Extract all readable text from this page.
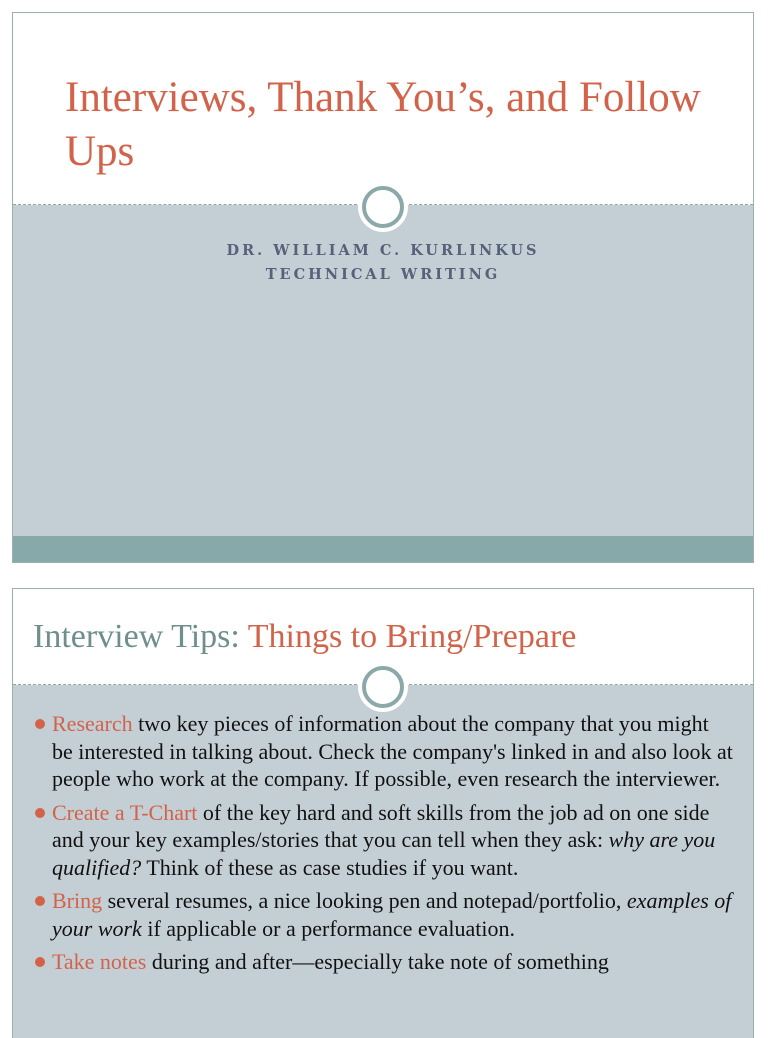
Interviews, Thank You’s, and Follow Ups
DR. WILLIAM C. KURLINKUS
TECHNICAL WRITING
Interview Tips: Things to Bring/Prepare
Research two key pieces of information about the company that you might be interested in talking about. Check the company's linked in and also look at people who work at the company. If possible, even research the interviewer.
Create a T-Chart of the key hard and soft skills from the job ad on one side and your key examples/stories that you can tell when they ask: why are you qualified? Think of these as case studies if you want.
Bring several resumes, a nice looking pen and notepad/portfolio, examples of your work if applicable or a performance evaluation.
Take notes during and after—especially take note of something
